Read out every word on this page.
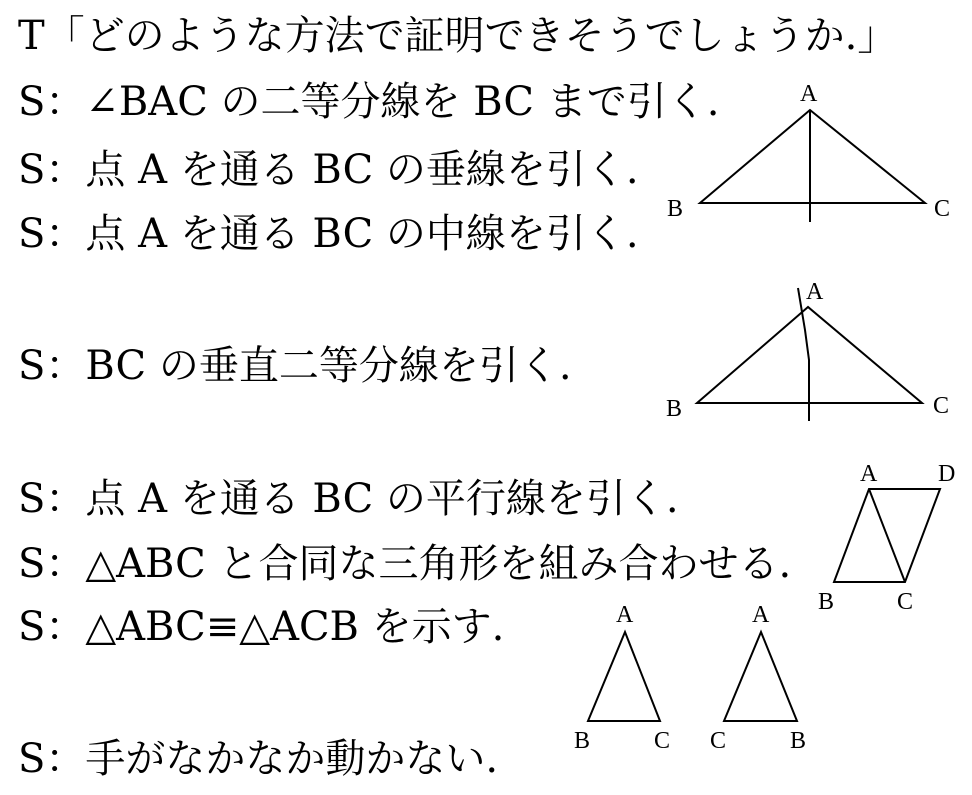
T「どのような方法で証明できそうでしょうか.」
S：∠BAC の二等分線を BC まで引く.
S：点 A を通る BC の垂線を引く.
S：点 A を通る BC の中線を引く.
S：BC の垂直二等分線を引く.
S：点 A を通る BC の平行線を引く.
S：△ABC と合同な三角形を組み合わせる.
S：△ABC≡△ACB を示す.
S：手がなかなか動かない.
A
B	C
A
B	C
A	D
B	C
A
B	C
A
C	B
